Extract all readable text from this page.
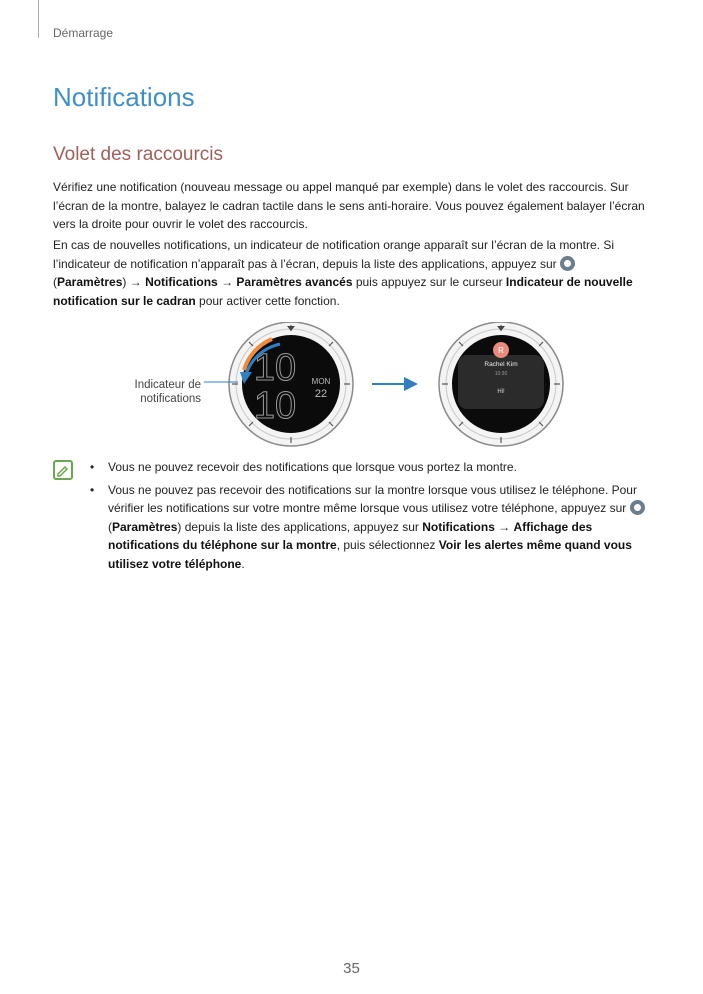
Démarrage
Notifications
Volet des raccourcis

Vérifiez une notification (nouveau message ou appel manqué par exemple) dans le volet des raccourcis. Sur l’écran de la montre, balayez le cadran tactile dans le sens anti-horaire. Vous pouvez également balayer l’écran vers la droite pour ouvrir le volet des raccourcis.

En cas de nouvelles notifications, un indicateur de notification orange apparaît sur l’écran de la montre. Si l’indicateur de notification n’apparaît pas à l’écran, depuis la liste des applications, appuyez sur
(Paramètres) → Notifications → Paramètres avancés puis appuyez sur le curseur Indicateur de nouvelle notification sur le cadran pour activer cette fonction.

10
10
MON
22
R
Rachel Kim
10:30
Hi!
Indicateur de notifications
• Vous ne pouvez recevoir des notifications que lorsque vous portez la montre.
• Vous ne pouvez pas recevoir des notifications sur la montre lorsque vous utilisez le téléphone. Pour vérifier les notifications sur votre montre même lorsque vous utilisez votre téléphone, appuyez sur  (Paramètres) depuis la liste des applications, appuyez sur Notifications → Affichage des notifications du téléphone sur la montre, puis sélectionnez Voir les alertes même quand vous utilisez votre téléphone.
35
